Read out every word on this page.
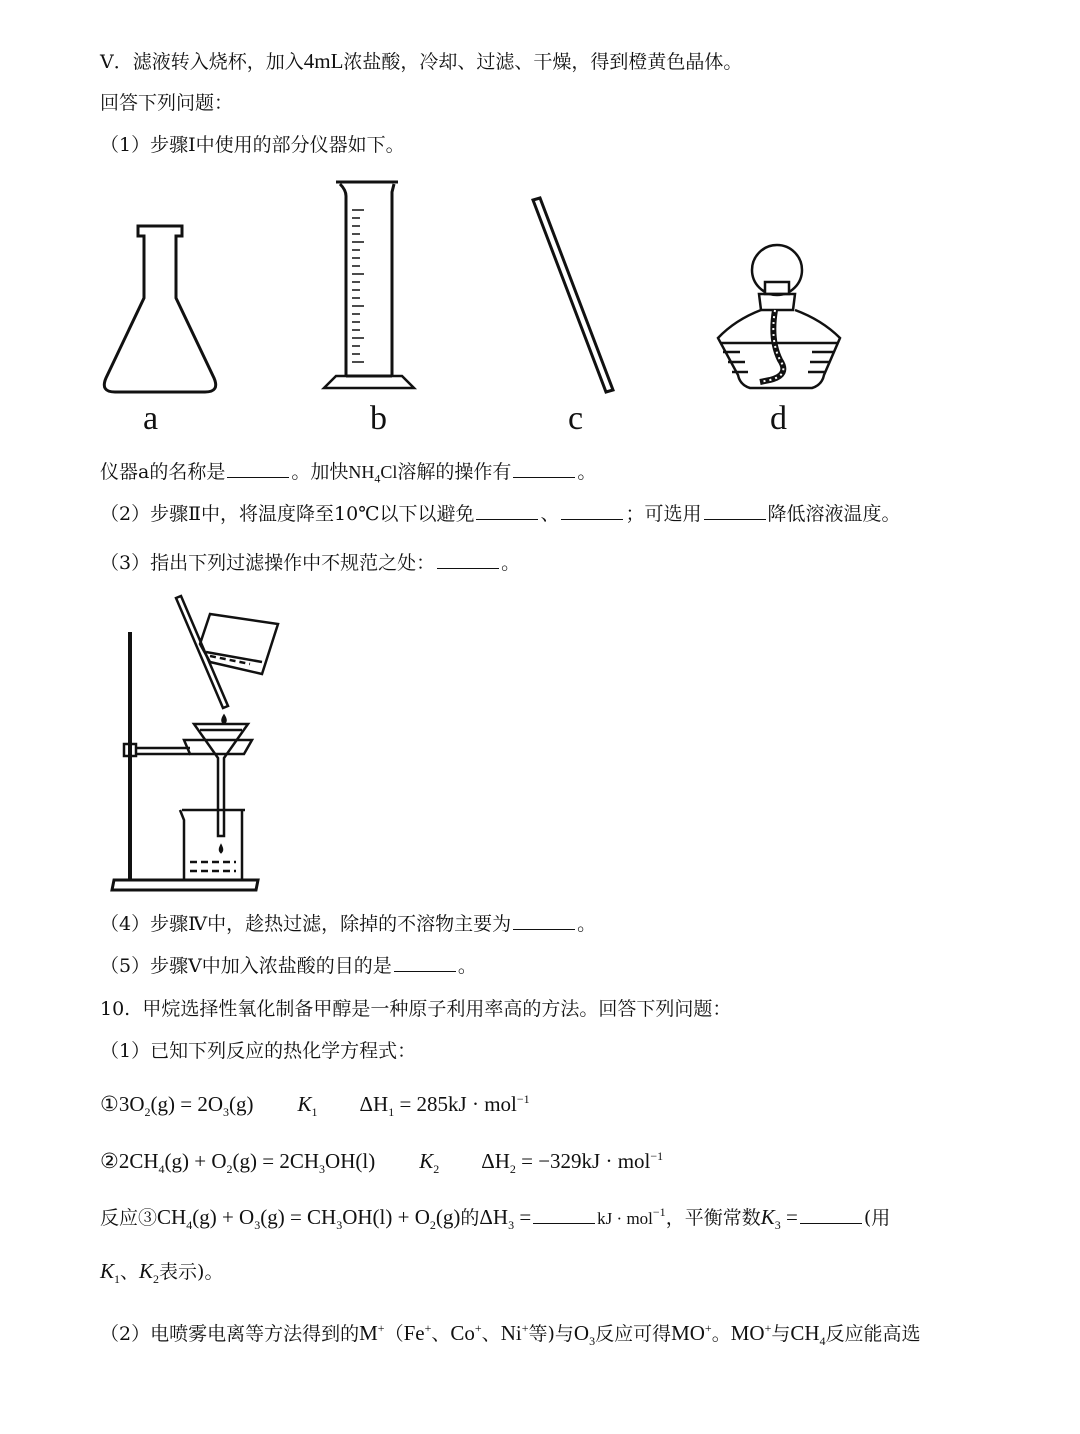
Ⅴ．滤液转入烧杯，加入4mL浓盐酸，冷却、过滤、干燥，得到橙黄色晶体。
回答下列问题：
（1）步骤Ⅰ中使用的部分仪器如下。
a	b	c	d
仪器a的名称是	。加快$NH_4Cl$溶解的操作有	。
（2）步骤Ⅱ中，将温度降至10℃以下以避免	、	；可选用	降低溶液温度。
（3）指出下列过滤操作中不规范之处：	。
（4）步骤Ⅳ中，趁热过滤，除掉的不溶物主要为	。
（5）步骤Ⅴ中加入浓盐酸的目的是	。
10. 甲烷选择性氧化制备甲醇是一种原子利用率高的方法。回答下列问题：
（1）已知下列反应的热化学方程式：
$①3O_2(g) = 2O_3(g)$ $K_1$ $\Delta H_1 = 285kJ \cdot mol^{-1}$
$②2CH_4(g) + O_2(g) = 2CH_3OH(l)$ $K_2$ $\Delta H_2 = -329kJ \cdot mol^{-1}$
反应$③CH_4(g) + O_3(g) = CH_3OH(l) + O_2(g)$的$\Delta H_3$ =	kJ · mol$^{-1}$，平衡常数$K_3$ =	(用
$K_1$、$K_2$表示)。
（2）电喷雾电离等方法得到的M+（Fe+、Co+、Ni+等)与$O_3$反应可得MO+。MO+与$CH_4$反应能高选
